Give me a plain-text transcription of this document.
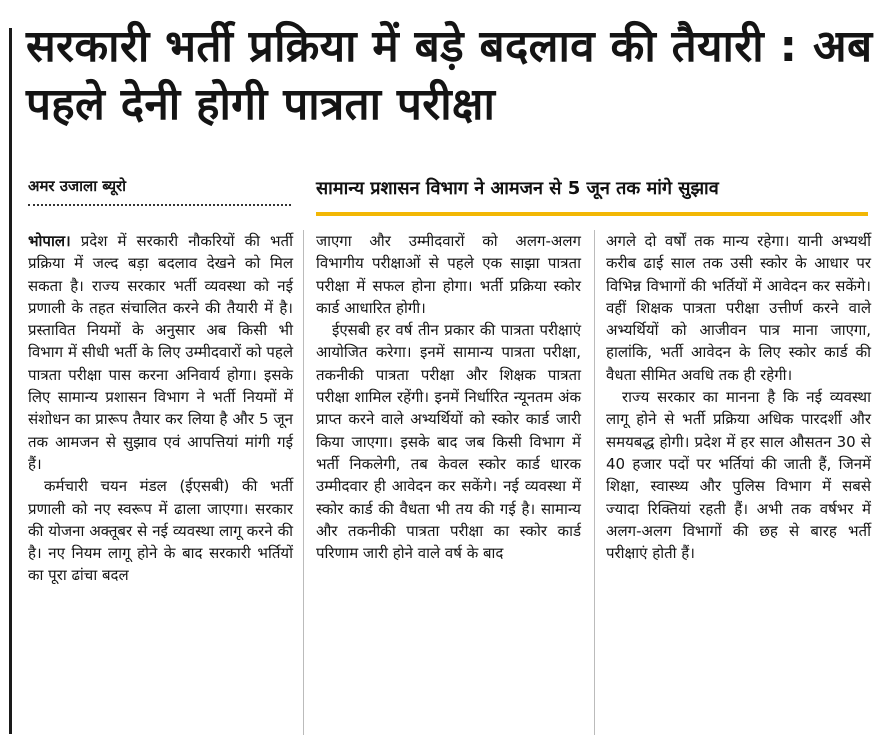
सरकारी भर्ती प्रक्रिया में बड़े बदलाव की तैयारी : अब पहले देनी होगी पात्रता परीक्षा
अमर उजाला ब्यूरो	सामान्य प्रशासन विभाग ने आमजन से 5 जून तक मांगे सुझाव

भोपाल। प्रदेश में सरकारी नौकरियों की भर्ती प्रक्रिया में जल्द बड़ा बदलाव देखने को मिल सकता है। राज्य सरकार भर्ती व्यवस्था को नई प्रणाली के तहत संचालित करने की तैयारी में है। प्रस्तावित नियमों के अनुसार अब किसी भी विभाग में सीधी भर्ती के लिए उम्मीदवारों को पहले पात्रता परीक्षा पास करना अनिवार्य होगा। इसके लिए सामान्य प्रशासन विभाग ने भर्ती नियमों में संशोधन का प्रारूप तैयार कर लिया है और 5 जून तक आमजन से सुझाव एवं आपत्तियां मांगी गई हैं।

कर्मचारी चयन मंडल (ईएसबी) की भर्ती प्रणाली को नए स्वरूप में ढाला जाएगा। सरकार की योजना अक्तूबर से नई व्यवस्था लागू करने की है। नए नियम लागू होने के बाद सरकारी भर्तियों का पूरा ढांचा बदल

जाएगा और उम्मीदवारों को अलग-अलग विभागीय परीक्षाओं से पहले एक साझा पात्रता परीक्षा में सफल होना होगा। भर्ती प्रक्रिया स्कोर कार्ड आधारित होगी।

ईएसबी हर वर्ष तीन प्रकार की पात्रता परीक्षाएं आयोजित करेगा। इनमें सामान्य पात्रता परीक्षा, तकनीकी पात्रता परीक्षा और शिक्षक पात्रता परीक्षा शामिल रहेंगी। इनमें निर्धारित न्यूनतम अंक प्राप्त करने वाले अभ्यर्थियों को स्कोर कार्ड जारी किया जाएगा। इसके बाद जब किसी विभाग में भर्ती निकलेगी, तब केवल स्कोर कार्ड धारक उम्मीदवार ही आवेदन कर सकेंगे। नई व्यवस्था में स्कोर कार्ड की वैधता भी तय की गई है। सामान्य और तकनीकी पात्रता परीक्षा का स्कोर कार्ड परिणाम जारी होने वाले वर्ष के बाद

अगले दो वर्षों तक मान्य रहेगा। यानी अभ्यर्थी करीब ढाई साल तक उसी स्कोर के आधार पर विभिन्न विभागों की भर्तियों में आवेदन कर सकेंगे। वहीं शिक्षक पात्रता परीक्षा उत्तीर्ण करने वाले अभ्यर्थियों को आजीवन पात्र माना जाएगा, हालांकि, भर्ती आवेदन के लिए स्कोर कार्ड की वैधता सीमित अवधि तक ही रहेगी।

राज्य सरकार का मानना है कि नई व्यवस्था लागू होने से भर्ती प्रक्रिया अधिक पारदर्शी और समयबद्ध होगी। प्रदेश में हर साल औसतन 30 से 40 हजार पदों पर भर्तियां की जाती हैं, जिनमें शिक्षा, स्वास्थ्य और पुलिस विभाग में सबसे ज्यादा रिक्तियां रहती हैं। अभी तक वर्षभर में अलग-अलग विभागों की छह से बारह भर्ती परीक्षाएं होती हैं।
